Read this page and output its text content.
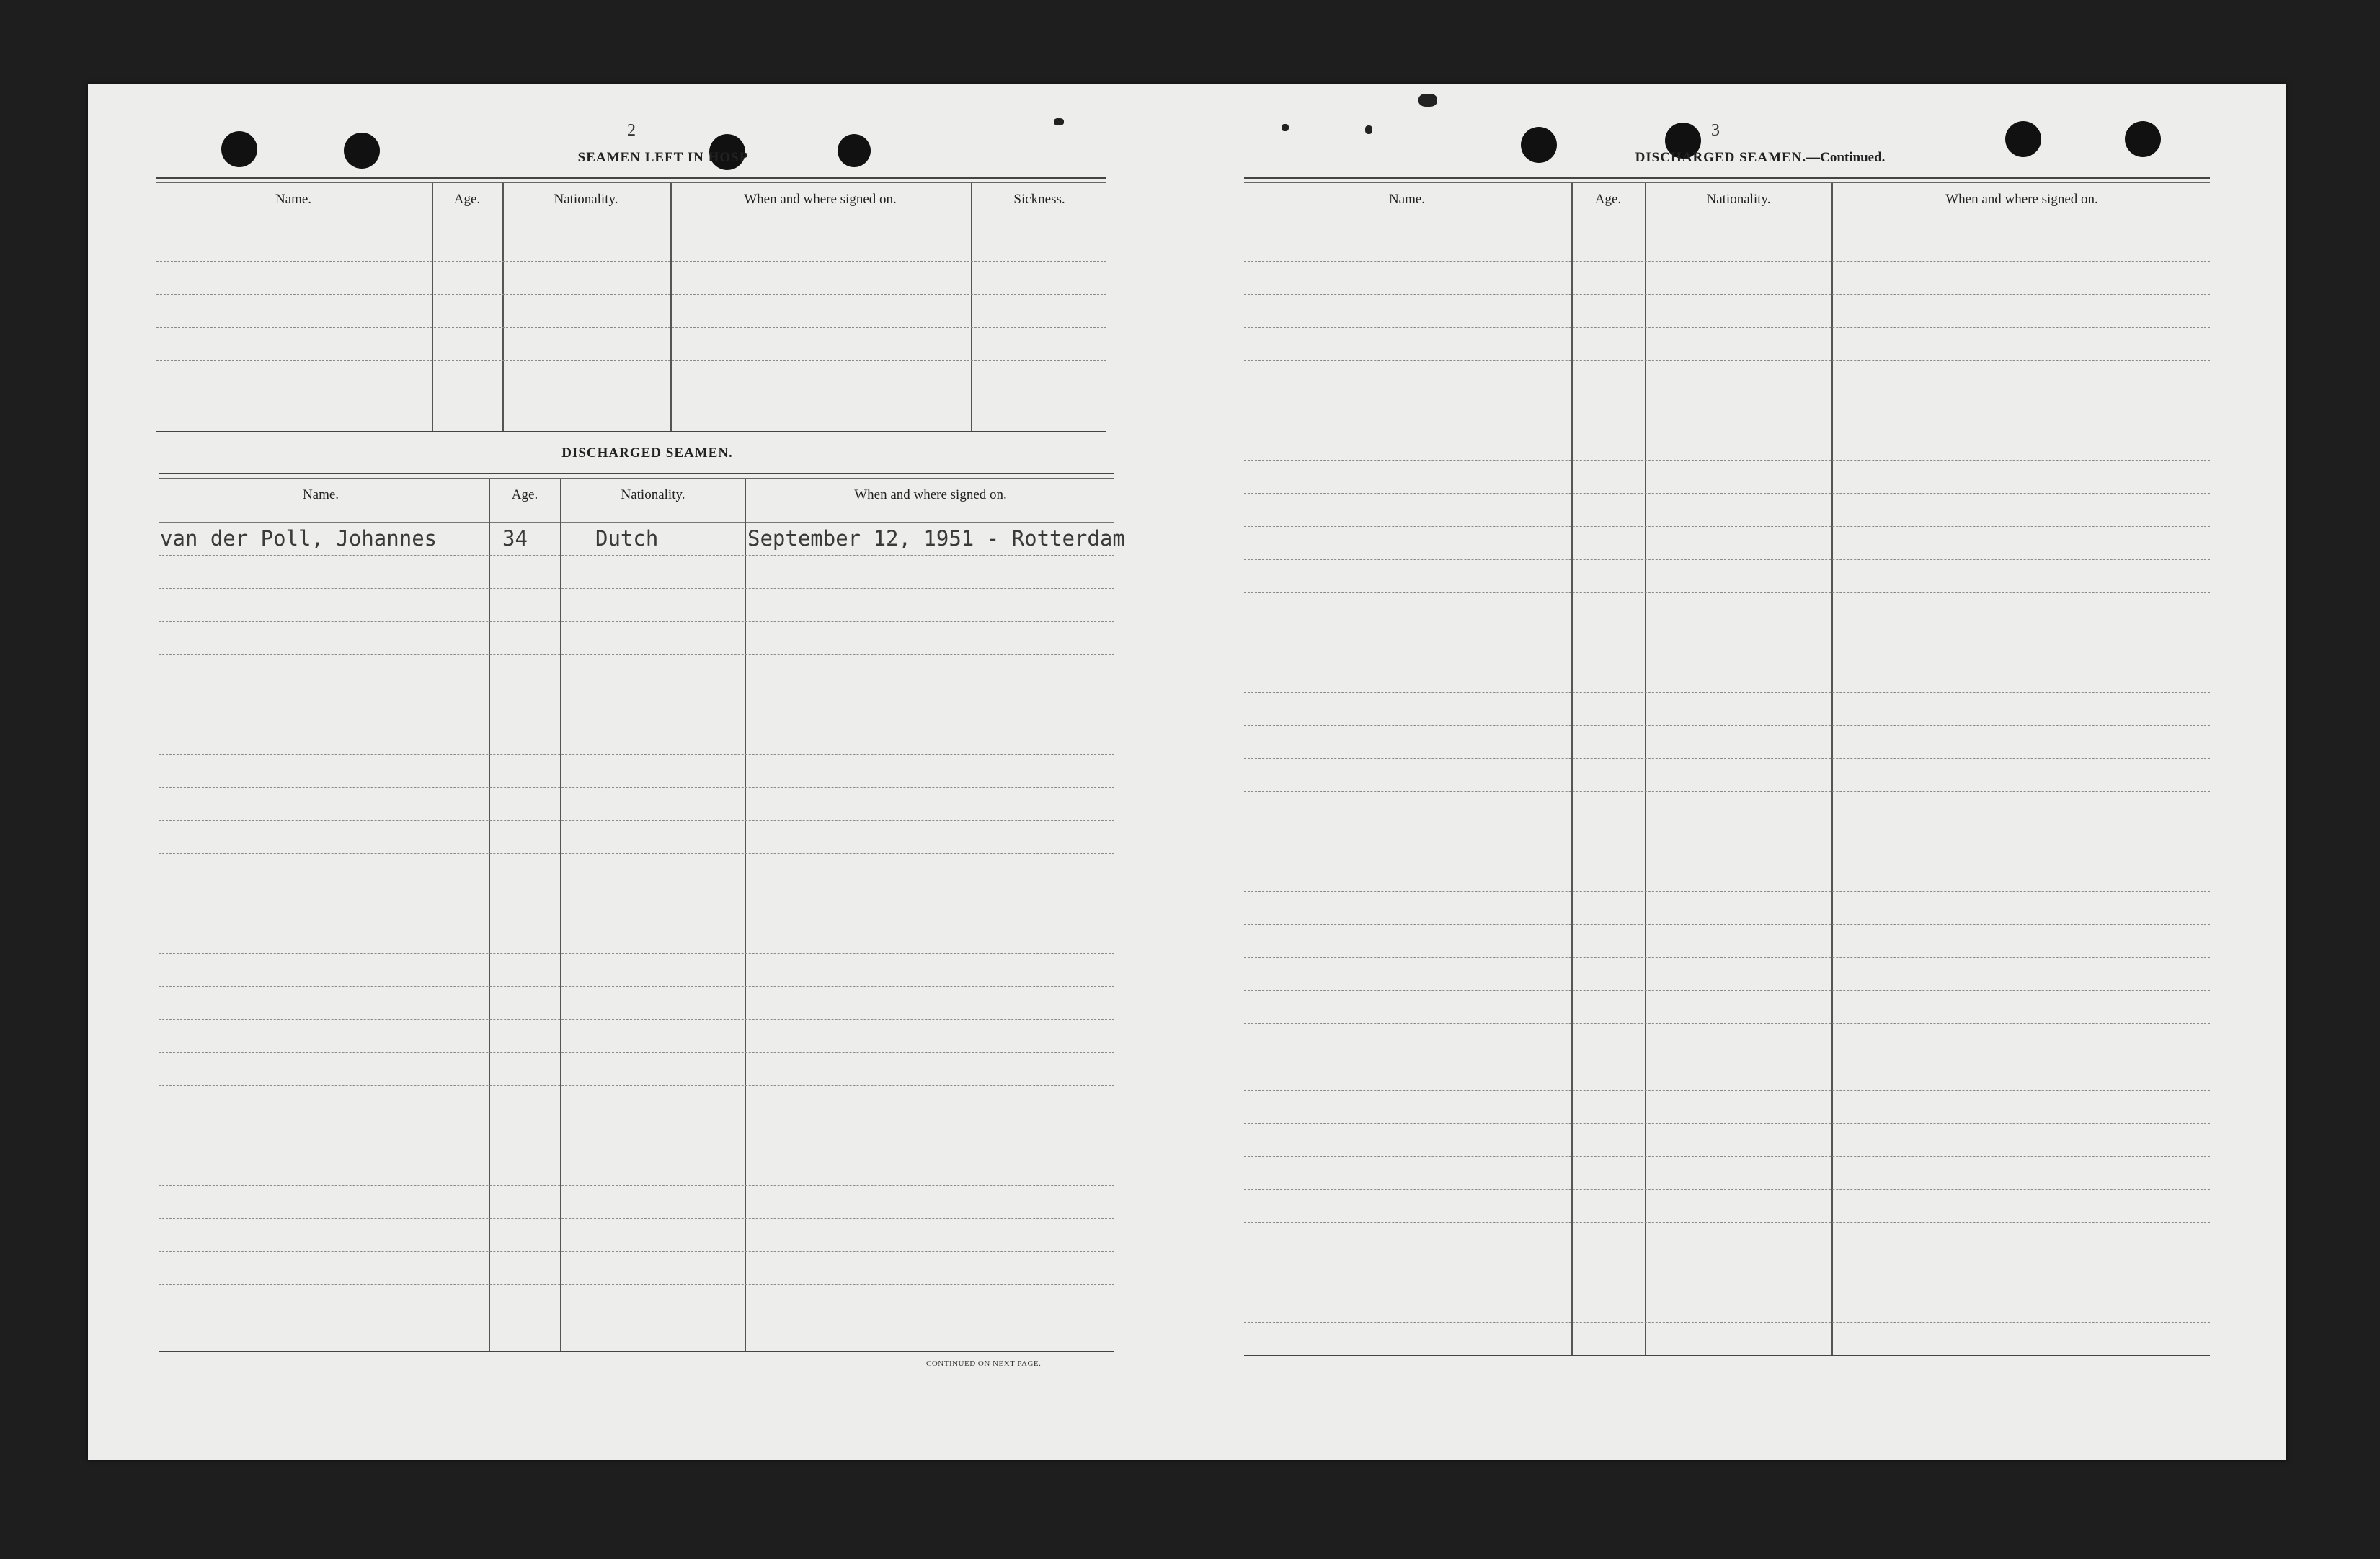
2
SEAMEN LEFT IN HOSP
Name.	Age.	Nationality.	When and where signed on.	Sickness.
DISCHARGED SEAMEN.
Name.	Age.	Nationality.	When and where signed on.
van der Poll, Johannes	34	Dutch	September 12, 1951 - Rotterdam
CONTINUED ON NEXT PAGE.
3
DISCHARGED SEAMEN.—Continued.
Name.	Age.	Nationality.	When and where signed on.
